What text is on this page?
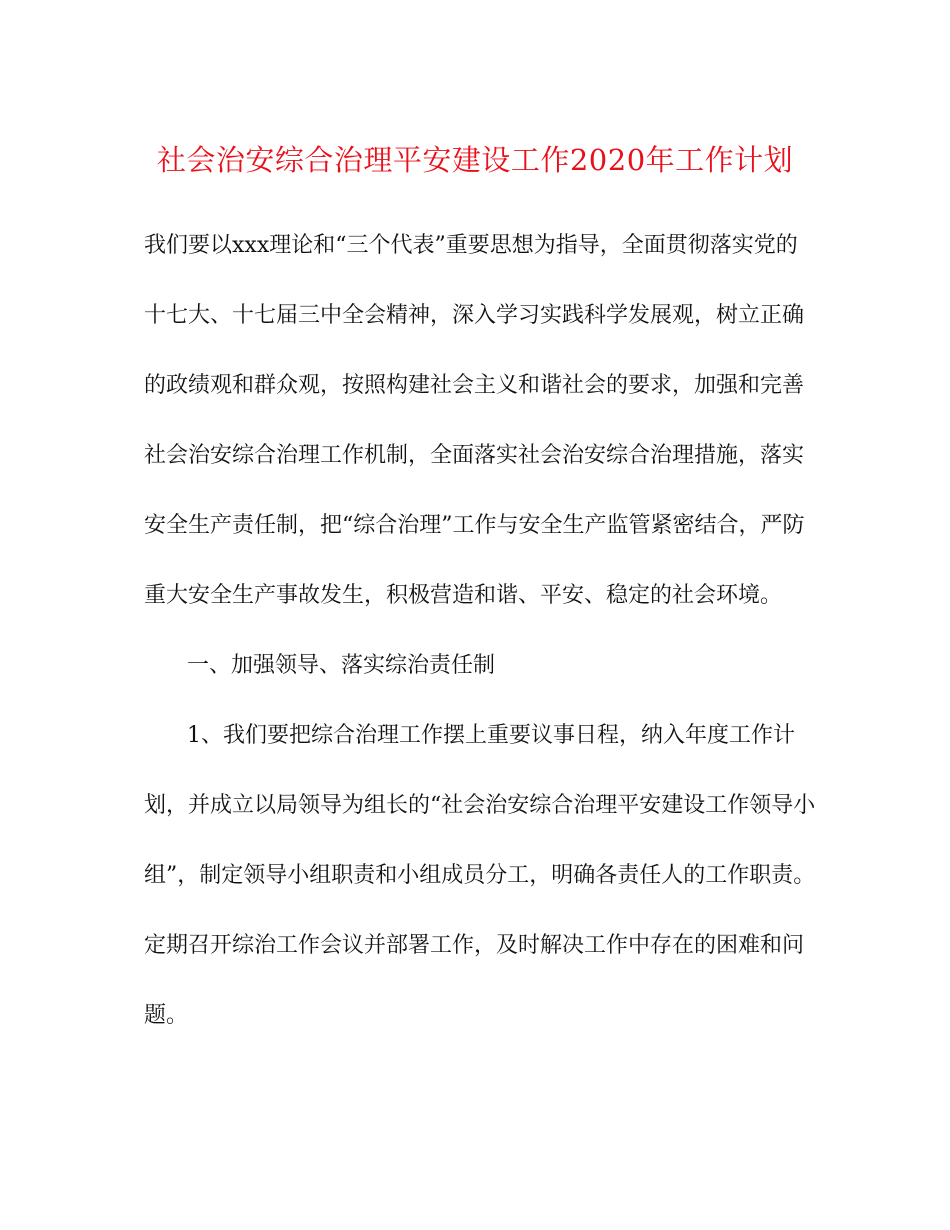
社会治安综合治理平安建设工作2020年工作计划
我们要以xxx理论和“三个代表”重要思想为指导，全面贯彻落实党的
十七大、十七届三中全会精神，深入学习实践科学发展观，树立正确
的政绩观和群众观，按照构建社会主义和谐社会的要求，加强和完善
社会治安综合治理工作机制，全面落实社会治安综合治理措施，落实
安全生产责任制，把“综合治理”工作与安全生产监管紧密结合，严防
重大安全生产事故发生，积极营造和谐、平安、稳定的社会环境。
一、加强领导、落实综治责任制
1、我们要把综合治理工作摆上重要议事日程，纳入年度工作计
划，并成立以局领导为组长的“社会治安综合治理平安建设工作领导小
组”，制定领导小组职责和小组成员分工，明确各责任人的工作职责。
定期召开综治工作会议并部署工作，及时解决工作中存在的困难和问
题。
